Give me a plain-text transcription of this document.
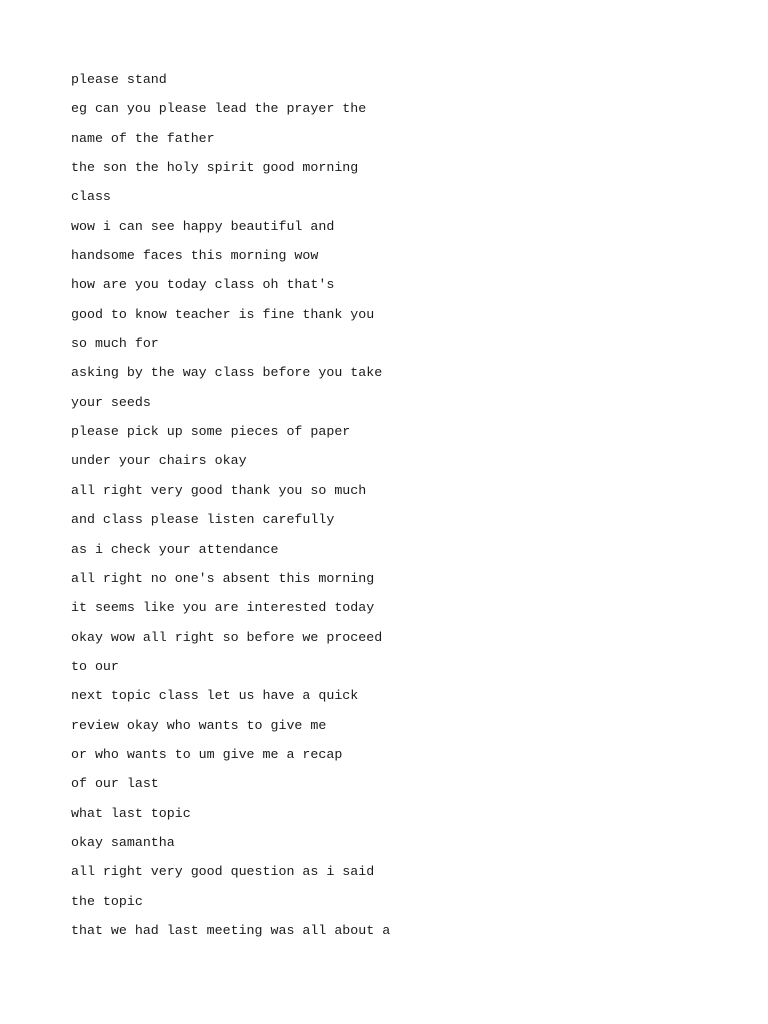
please stand
eg can you please lead the prayer the
name of the father
the son the holy spirit good morning
class
wow i can see happy beautiful and
handsome faces this morning wow
how are you today class oh that's
good to know teacher is fine thank you
so much for
asking by the way class before you take
your seeds
please pick up some pieces of paper
under your chairs okay
all right very good thank you so much
and class please listen carefully
as i check your attendance
all right no one's absent this morning
it seems like you are interested today
okay wow all right so before we proceed
to our
next topic class let us have a quick
review okay who wants to give me
or who wants to um give me a recap
of our last
what last topic
okay samantha
all right very good question as i said
the topic
that we had last meeting was all about a
